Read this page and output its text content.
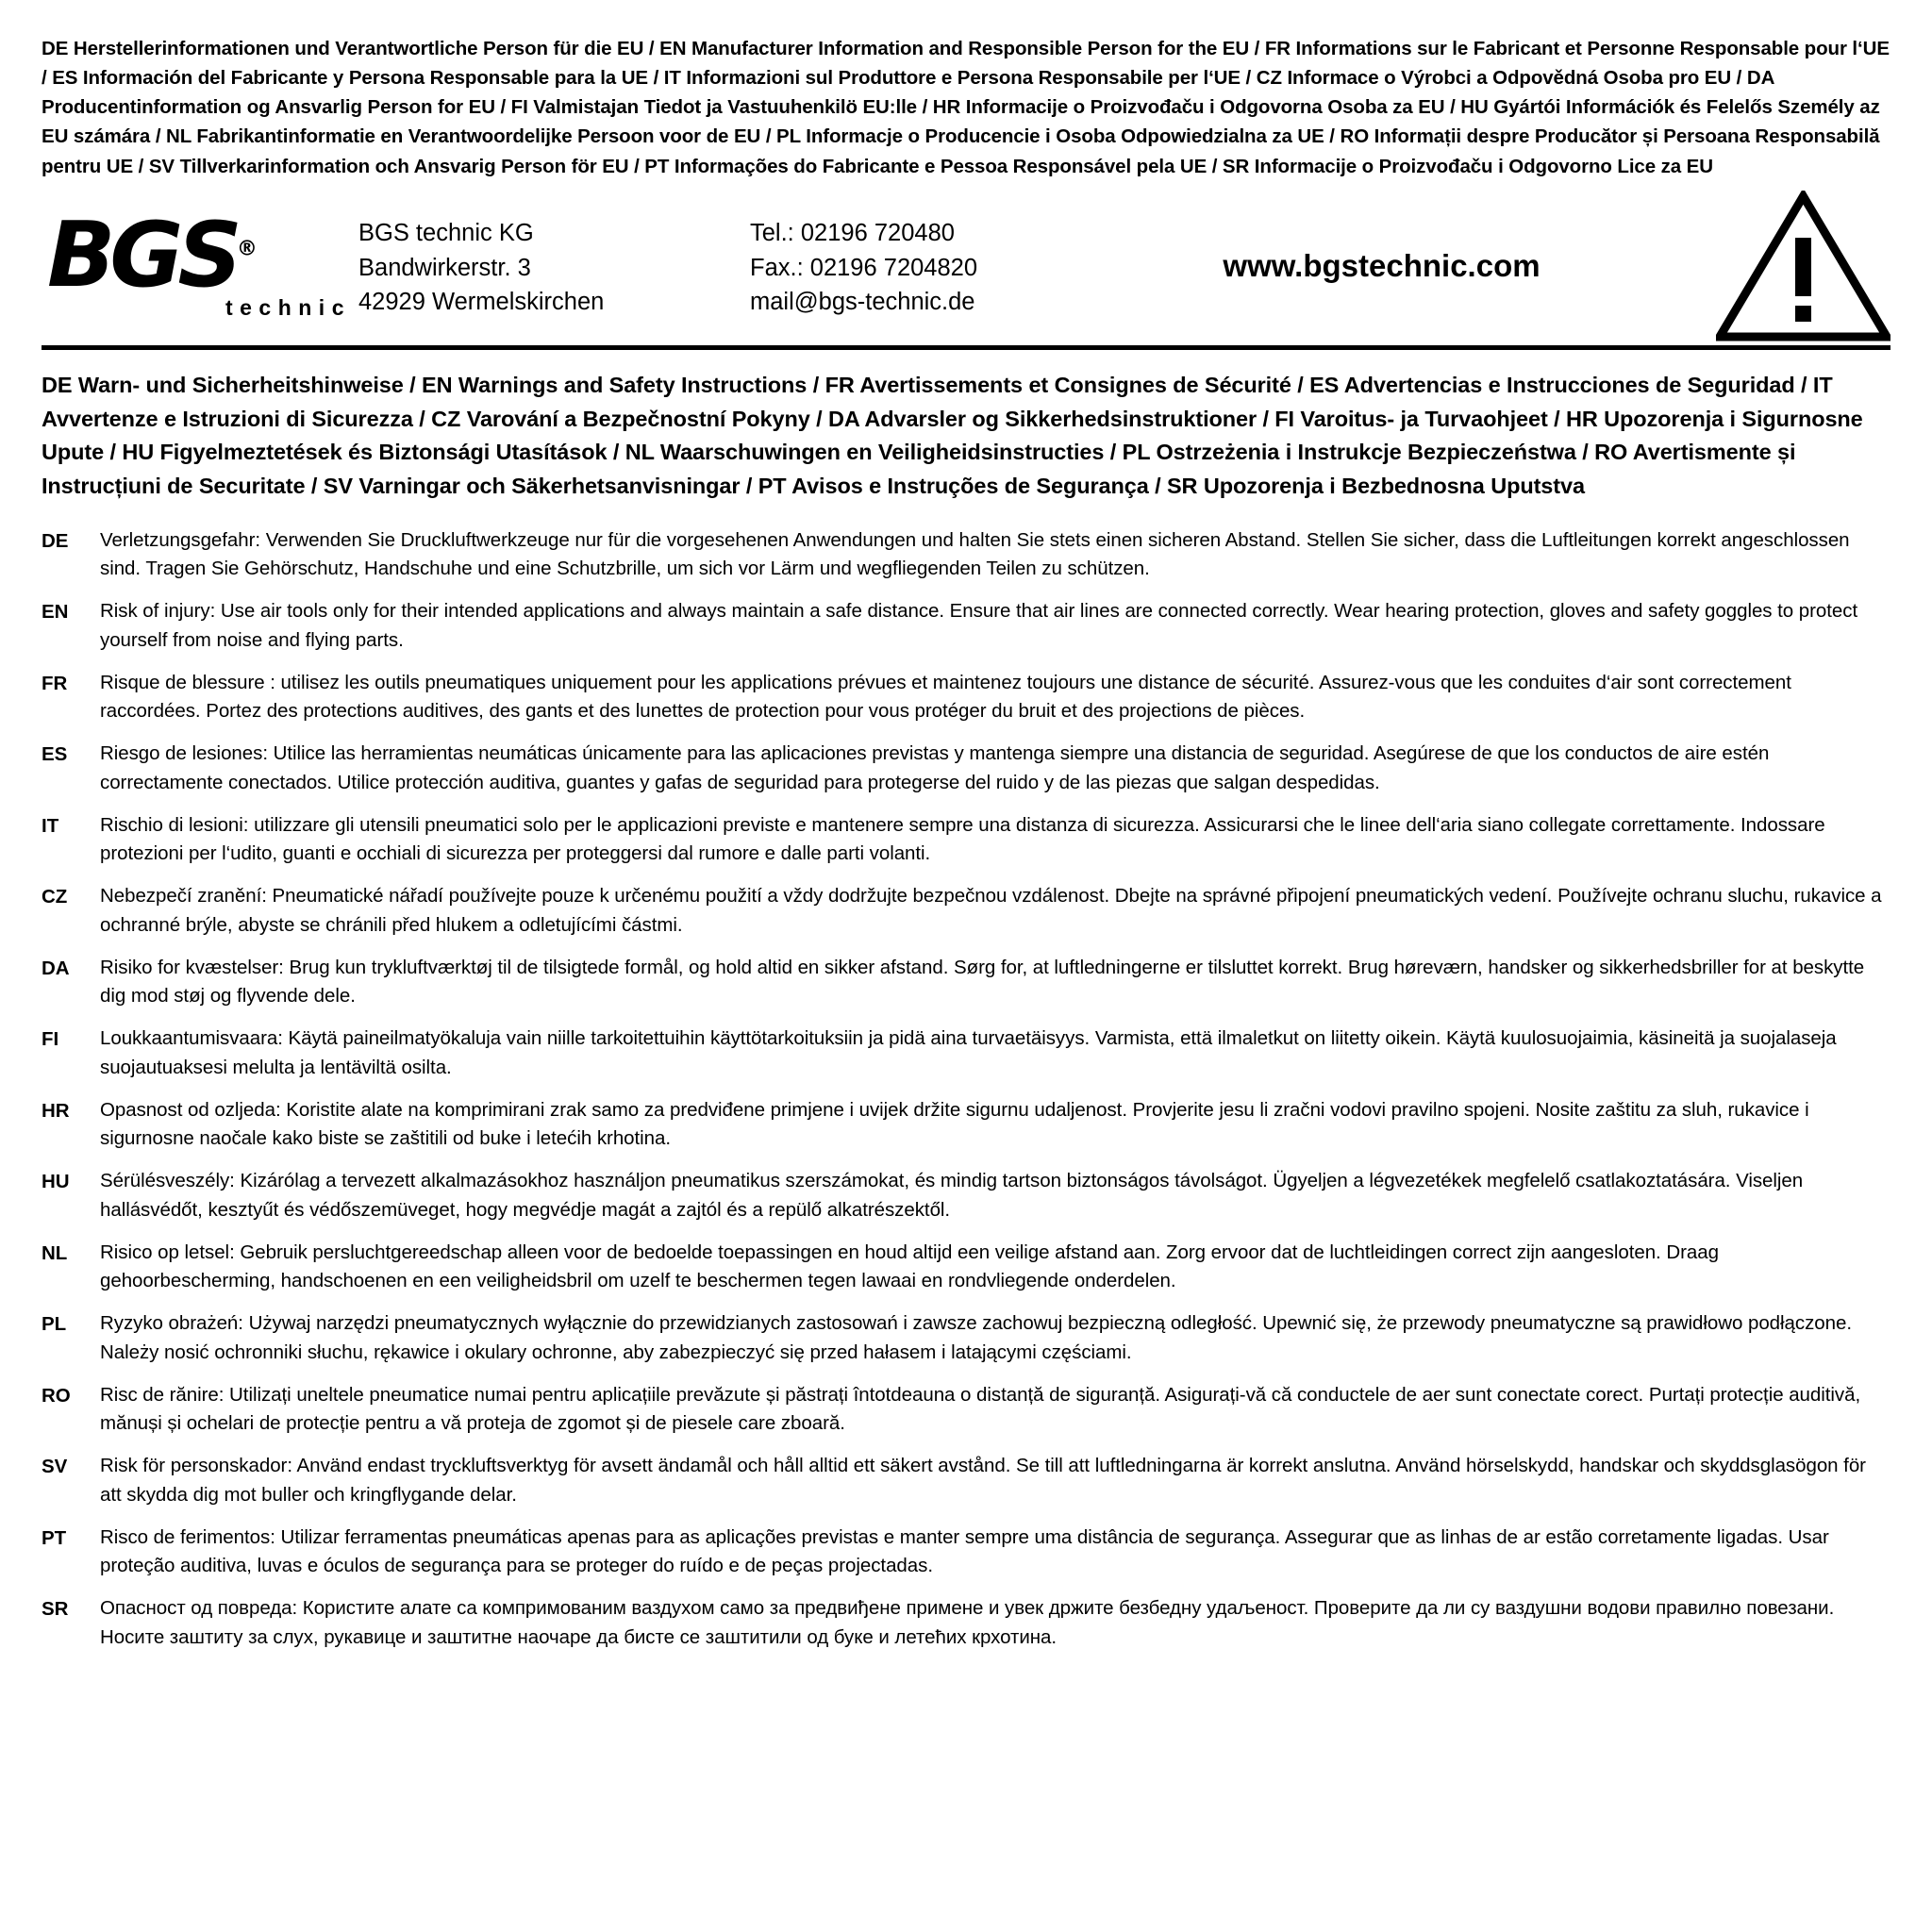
DE Herstellerinformationen und Verantwortliche Person für die EU / EN Manufacturer Information and Responsible Person for the EU / FR Informations sur le Fabricant et Personne Responsable pour l‘UE / ES Información del Fabricante y Persona Responsable para la UE / IT Informazioni sul Produttore e Persona Responsabile per l‘UE / CZ Informace o Výrobci a Odpovědná Osoba pro EU / DA Producentinformation og Ansvarlig Person for EU / FI Valmistajan Tiedot ja Vastuuhenkilö EU:lle / HR Informacije o Proizvođaču i Odgovorna Osoba za EU / HU Gyártói Információk és Felelős Személy az EU számára / NL Fabrikantinformatie en Verantwoordelijke Persoon voor de EU / PL Informacje o Producencie i Osoba Odpowiedzialna za UE / RO Informații despre Producător și Persoana Responsabilă pentru UE / SV Tillverkarinformation och Ansvarig Person för EU / PT Informações do Fabricante e Pessoa Responsável pela UE / SR Informacije o Proizvođaču i Odgovorno Lice za EU
BGS®
technic
BGS technic KG
Bandwirkerstr. 3
42929 Wermelskirchen
Tel.: 02196 720480
Fax.: 02196 7204820
mail@bgs-technic.de
www.bgstechnic.com
DE Warn- und Sicherheitshinweise / EN Warnings and Safety Instructions / FR Avertissements et Consignes de Sécurité / ES Advertencias e Instrucciones de Seguridad / IT Avvertenze e Istruzioni di Sicurezza / CZ Varování a Bezpečnostní Pokyny / DA Advarsler og Sikkerhedsinstruktioner / FI Varoitus- ja Turvaohjeet / HR Upozorenja i Sigurnosne Upute / HU Figyelmeztetések és Biztonsági Utasítások / NL Waarschuwingen en Veiligheidsinstructies / PL Ostrzeżenia i Instrukcje Bezpieczeństwa / RO Avertismente și Instrucțiuni de Securitate / SV Varningar och Säkerhetsanvisningar / PT Avisos e Instruções de Segurança / SR Upozorenja i Bezbednosna Uputstva
DE	Verletzungsgefahr: Verwenden Sie Druckluftwerkzeuge nur für die vorgesehenen Anwendungen und halten Sie stets einen sicheren Abstand. Stellen Sie sicher, dass die Luftleitungen korrekt angeschlossen sind. Tragen Sie Gehörschutz, Handschuhe und eine Schutzbrille, um sich vor Lärm und wegfliegenden Teilen zu schützen.
EN	Risk of injury: Use air tools only for their intended applications and always maintain a safe distance. Ensure that air lines are connected correctly. Wear hearing protection, gloves and safety goggles to protect yourself from noise and flying parts.
FR	Risque de blessure : utilisez les outils pneumatiques uniquement pour les applications prévues et maintenez toujours une distance de sécurité. Assurez-vous que les conduites d‘air sont correctement raccordées. Portez des protections auditives, des gants et des lunettes de protection pour vous protéger du bruit et des projections de pièces.
ES	Riesgo de lesiones: Utilice las herramientas neumáticas únicamente para las aplicaciones previstas y mantenga siempre una distancia de seguridad. Asegúrese de que los conductos de aire estén correctamente conectados. Utilice protección auditiva, guantes y gafas de seguridad para protegerse del ruido y de las piezas que salgan despedidas.
IT	Rischio di lesioni: utilizzare gli utensili pneumatici solo per le applicazioni previste e mantenere sempre una distanza di sicurezza. Assicurarsi che le linee dell‘aria siano collegate correttamente. Indossare protezioni per l‘udito, guanti e occhiali di sicurezza per proteggersi dal rumore e dalle parti volanti.
CZ	Nebezpečí zranění: Pneumatické nářadí používejte pouze k určenému použití a vždy dodržujte bezpečnou vzdálenost. Dbejte na správné připojení pneumatických vedení. Používejte ochranu sluchu, rukavice a ochranné brýle, abyste se chránili před hlukem a odletujícími částmi.
DA	Risiko for kvæstelser: Brug kun trykluftværktøj til de tilsigtede formål, og hold altid en sikker afstand. Sørg for, at luftledningerne er tilsluttet korrekt. Brug høreværn, handsker og sikkerhedsbriller for at beskytte dig mod støj og flyvende dele.
FI	Loukkaantumisvaara: Käytä paineilmatyökaluja vain niille tarkoitettuihin käyttötarkoituksiin ja pidä aina turvaetäisyys. Varmista, että ilmaletkut on liitetty oikein. Käytä kuulosuojaimia, käsineitä ja suojalaseja suojautuaksesi melulta ja lentäviltä osilta.
HR	Opasnost od ozljeda: Koristite alate na komprimirani zrak samo za predviđene primjene i uvijek držite sigurnu udaljenost. Provjerite jesu li zračni vodovi pravilno spojeni. Nosite zaštitu za sluh, rukavice i sigurnosne naočale kako biste se zaštitili od buke i letećih krhotina.
HU	Sérülésveszély: Kizárólag a tervezett alkalmazásokhoz használjon pneumatikus szerszámokat, és mindig tartson biztonságos távolságot. Ügyeljen a légvezetékek megfelelő csatlakoztatására. Viseljen hallásvédőt, kesztyűt és védőszemüveget, hogy megvédje magát a zajtól és a repülő alkatrészektől.
NL	Risico op letsel: Gebruik persluchtgereedschap alleen voor de bedoelde toepassingen en houd altijd een veilige afstand aan. Zorg ervoor dat de luchtleidingen correct zijn aangesloten. Draag gehoorbescherming, handschoenen en een veiligheidsbril om uzelf te beschermen tegen lawaai en rondvliegende onderdelen.
PL	Ryzyko obrażeń: Używaj narzędzi pneumatycznych wyłącznie do przewidzianych zastosowań i zawsze zachowuj bezpieczną odległość. Upewnić się, że przewody pneumatyczne są prawidłowo podłączone. Należy nosić ochronniki słuchu, rękawice i okulary ochronne, aby zabezpieczyć się przed hałasem i latającymi częściami.
RO	Risc de rănire: Utilizați uneltele pneumatice numai pentru aplicațiile prevăzute și păstrați întotdeauna o distanță de siguranță. Asigurați-vă că conductele de aer sunt conectate corect. Purtați protecție auditivă, mănuși și ochelari de protecție pentru a vă proteja de zgomot și de piesele care zboară.
SV	Risk för personskador: Använd endast tryckluftsverktyg för avsett ändamål och håll alltid ett säkert avstånd. Se till att luftledningarna är korrekt anslutna. Använd hörselskydd, handskar och skyddsglasögon för att skydda dig mot buller och kringflygande delar.
PT	Risco de ferimentos: Utilizar ferramentas pneumáticas apenas para as aplicações previstas e manter sempre uma distância de segurança. Assegurar que as linhas de ar estão corretamente ligadas. Usar proteção auditiva, luvas e óculos de segurança para se proteger do ruído e de peças projectadas.
SR	Опасност од повреда: Користите алате са компримованим ваздухом само за предвиђене примене и увек држите безбедну удаљеност. Проверите да ли су ваздушни водови правилно повезани. Носите заштиту за слух, рукавице и заштитне наочаре да бисте се заштитили од буке и летећих крхотина.
